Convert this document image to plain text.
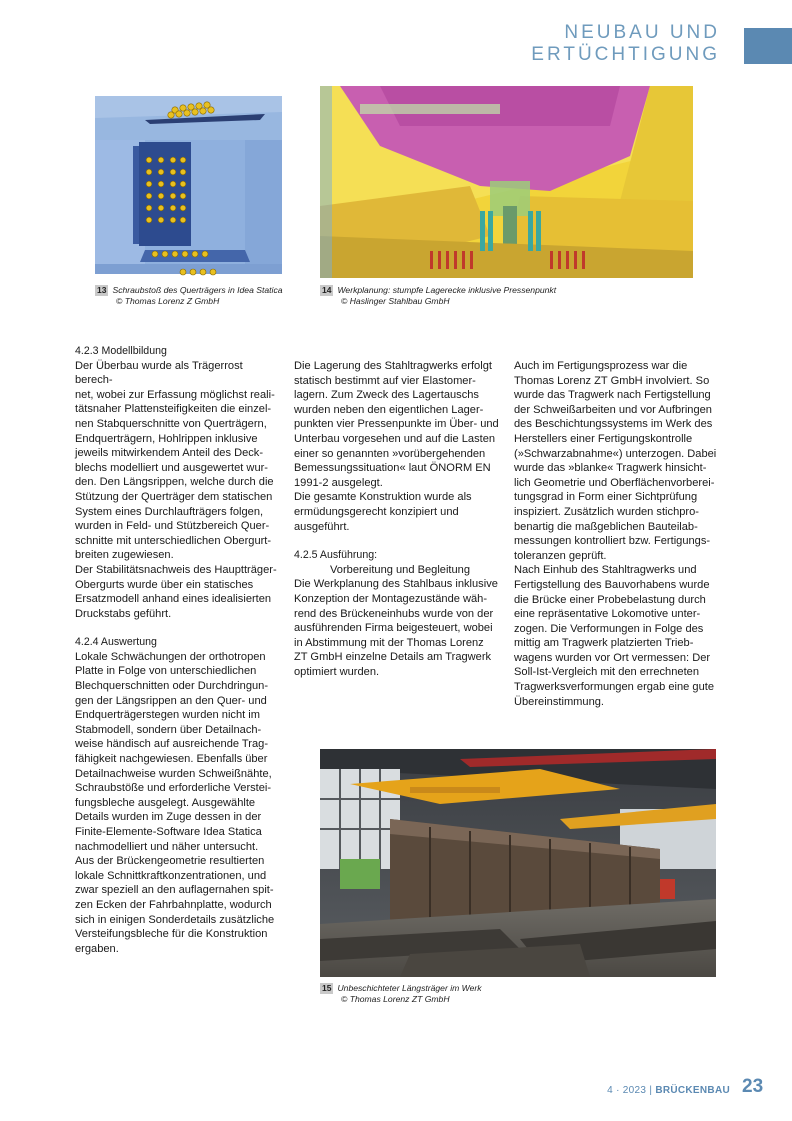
NEUBAU UND ERTÜCHTIGUNG
13 Schraubstoß des Querträgers in Idea Statica
© Thomas Lorenz Z GmbH
14 Werkplanung: stumpfe Lagerecke inklusive Pressenpunkt
© Haslinger Stahlbau GmbH

4.2.3 Modellbildung

Der Überbau wurde als Trägerrost berech-

net, wobei zur Erfassung möglichst reali-

tätsnaher Plattensteifigkeiten die einzel-

nen Stabquerschnitte von Querträgern,

Endquerträgern, Hohlrippen inklusive

jeweils mitwirkendem Anteil des Deck-

blechs modelliert und ausgewertet wur-

den. Den Längsrippen, welche durch die

Stützung der Querträger dem statischen

System eines Durchlaufträgers folgen,

wurden in Feld- und Stützbereich Quer-

schnitte mit unterschiedlichen Obergurt-

breiten zugewiesen.

Der Stabilitätsnachweis des Hauptträger-

Obergurts wurde über ein statisches

Ersatzmodell anhand eines idealisierten

Druckstabs geführt.

4.2.4 Auswertung

Lokale Schwächungen der orthotropen

Platte in Folge von unterschiedlichen

Blechquerschnitten oder Durchdringun-

gen der Längsrippen an den Quer- und

Endquerträgerstegen wurden nicht im

Stabmodell, sondern über Detailnach-

weise händisch auf ausreichende Trag-

fähigkeit nachgewiesen. Ebenfalls über

Detailnachweise wurden Schweißnähte,

Schraubstöße und erforderliche Verstei-

fungsbleche ausgelegt. Ausgewählte

Details wurden im Zuge dessen in der

Finite-Elemente-Software Idea Statica

nachmodelliert und näher untersucht.

Aus der Brückengeometrie resultierten

lokale Schnittkraftkonzentrationen, und

zwar speziell an den auflagernahen spit-

zen Ecken der Fahrbahnplatte, wodurch

sich in einigen Sonderdetails zusätzliche

Versteifungsbleche für die Konstruktion

ergaben.

Die Lagerung des Stahltragwerks erfolgt

statisch bestimmt auf vier Elastomer-

lagern. Zum Zweck des Lagertauschs

wurden neben den eigentlichen Lager-

punkten vier Pressenpunkte im Über- und

Unterbau vorgesehen und auf die Lasten

einer so genannten »vorübergehenden

Bemessungssituation« laut ÖNORM EN

1991-2 ausgelegt.

Die gesamte Konstruktion wurde als

ermüdungsgerecht konzipiert und

ausgeführt.

4.2.5 Ausführung:

Vorbereitung und Begleitung

Die Werkplanung des Stahlbaus inklusive

Konzeption der Montagezustände wäh-

rend des Brückeneinhubs wurde von der

ausführenden Firma beigesteuert, wobei

in Abstimmung mit der Thomas Lorenz

ZT GmbH einzelne Details am Tragwerk

optimiert wurden.

Auch im Fertigungsprozess war die

Thomas Lorenz ZT GmbH involviert. So

wurde das Tragwerk nach Fertigstellung

der Schweißarbeiten und vor Aufbringen

des Beschichtungssystems im Werk des

Herstellers einer Fertigungskontrolle

(»Schwarzabnahme«) unterzogen. Dabei

wurde das »blanke« Tragwerk hinsicht-

lich Geometrie und Oberflächenvorberei-

tungsgrad in Form einer Sichtprüfung

inspiziert. Zusätzlich wurden stichpro-

benartig die maßgeblichen Bauteilab-

messungen kontrolliert bzw. Fertigungs-

toleranzen geprüft.

Nach Einhub des Stahltragwerks und

Fertigstellung des Bauvorhabens wurde

die Brücke einer Probebelastung durch

eine repräsentative Lokomotive unter-

zogen. Die Verformungen in Folge des

mittig am Tragwerk platzierten Trieb-

wagens wurden vor Ort vermessen: Der

Soll-Ist-Vergleich mit den errechneten

Tragwerksverformungen ergab eine gute

Übereinstimmung.

15 Unbeschichteter Längsträger im Werk
© Thomas Lorenz ZT GmbH
4 · 2023 | BRÜCKENBAU 23
